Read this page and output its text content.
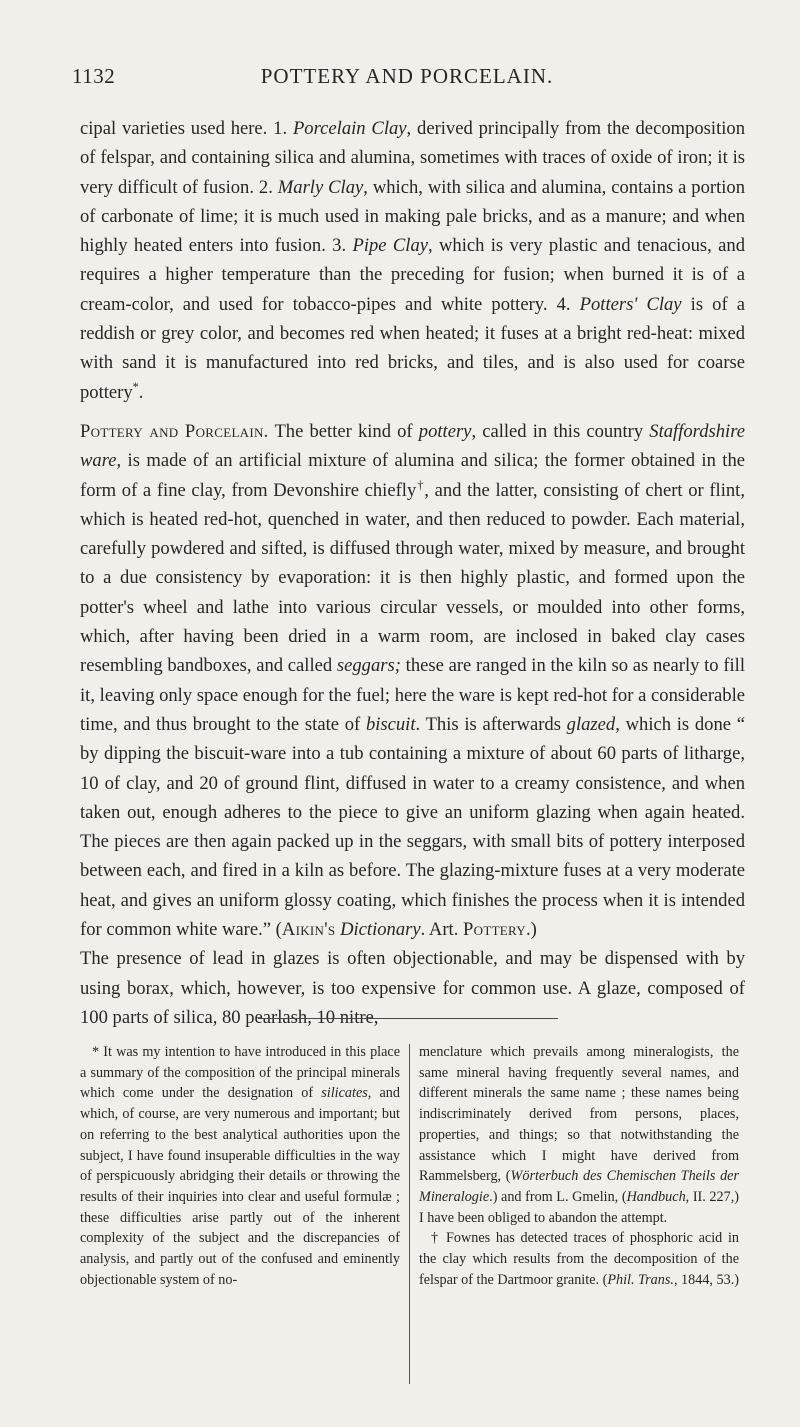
1132	POTTERY AND PORCELAIN.

cipal varieties used here. 1. Porcelain Clay, derived principally from the decomposition of felspar, and containing silica and alumina, sometimes with traces of oxide of iron; it is very difficult of fusion. 2. Marly Clay, which, with silica and alumina, contains a portion of carbonate of lime; it is much used in making pale bricks, and as a manure; and when highly heated enters into fusion. 3. Pipe Clay, which is very plastic and tenacious, and requires a higher temperature than the preceding for fusion; when burned it is of a cream-color, and used for tobacco-pipes and white pottery. 4. Potters' Clay is of a reddish or grey color, and becomes red when heated; it fuses at a bright red-heat: mixed with sand it is manufactured into red bricks, and tiles, and is also used for coarse pottery*.

Pottery and Porcelain. The better kind of pottery, called in this country Staffordshire ware, is made of an artificial mixture of alumina and silica; the former obtained in the form of a fine clay, from Devonshire chiefly†, and the latter, consisting of chert or flint, which is heated red-hot, quenched in water, and then reduced to powder. Each material, carefully powdered and sifted, is diffused through water, mixed by measure, and brought to a due consistency by evaporation: it is then highly plastic, and formed upon the potter's wheel and lathe into various circular vessels, or moulded into other forms, which, after having been dried in a warm room, are inclosed in baked clay cases resembling bandboxes, and called seggars; these are ranged in the kiln so as nearly to fill it, leaving only space enough for the fuel; here the ware is kept red-hot for a considerable time, and thus brought to the state of biscuit. This is afterwards glazed, which is done “ by dipping the biscuit-ware into a tub containing a mixture of about 60 parts of litharge, 10 of clay, and 20 of ground flint, diffused in water to a creamy consistence, and when taken out, enough adheres to the piece to give an uniform glazing when again heated. The pieces are then again packed up in the seggars, with small bits of pottery interposed between each, and fired in a kiln as before. The glazing-mixture fuses at a very moderate heat, and gives an uniform glossy coating, which finishes the process when it is intended for common white ware.” (Aikin's Dictionary. Art. Pottery.)

The presence of lead in glazes is often objectionable, and may be dispensed with by using borax, which, however, is too expensive for common use. A glaze, composed of 100 parts of silica, 80 pearlash, 10 nitre,

* It was my intention to have introduced in this place a summary of the composition of the principal minerals which come under the designation of silicates, and which, of course, are very numerous and important; but on referring to the best analytical authorities upon the subject, I have found insuperable difficulties in the way of perspicuously abridging their details or throwing the results of their inquiries into clear and useful formulæ ; these difficulties arise partly out of the inherent complexity of the subject and the discrepancies of analysis, and partly out of the confused and eminently objectionable system of no-

menclature which prevails among mineralogists, the same mineral having frequently several names, and different minerals the same name ; these names being indiscriminately derived from persons, places, properties, and things; so that notwithstanding the assistance which I might have derived from Rammelsberg, (Wörterbuch des Chemischen Theils der Mineralogie.) and from L. Gmelin, (Handbuch, II. 227,) I have been obliged to abandon the attempt.

† Fownes has detected traces of phosphoric acid in the clay which results from the decomposition of the felspar of the Dartmoor granite. (Phil. Trans., 1844, 53.)
